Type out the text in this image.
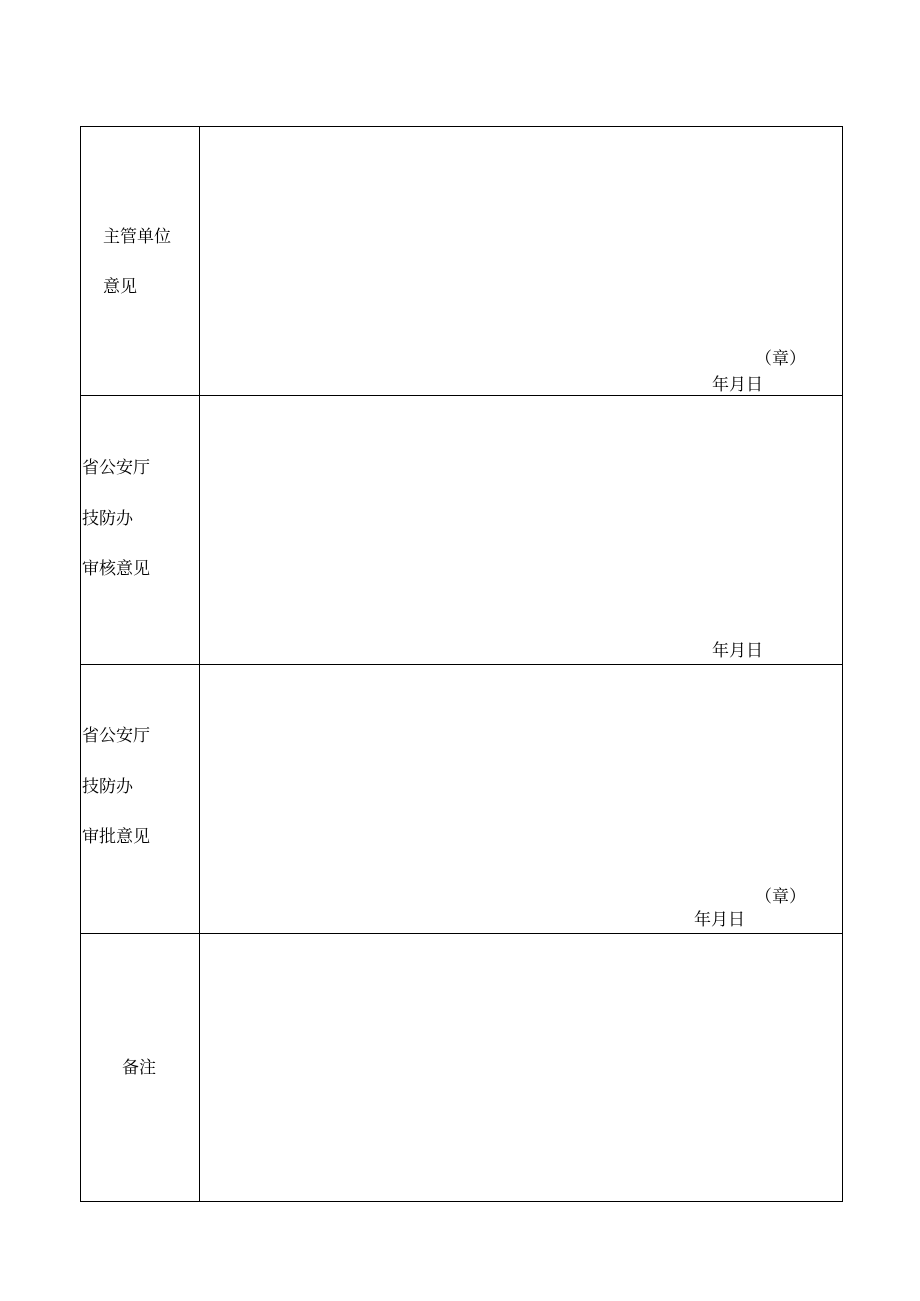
主管单位
意见
（章）
年月日
省公安厅
技防办
审核意见
年月日
省公安厅
技防办
审批意见
（章）
年月日
备注
